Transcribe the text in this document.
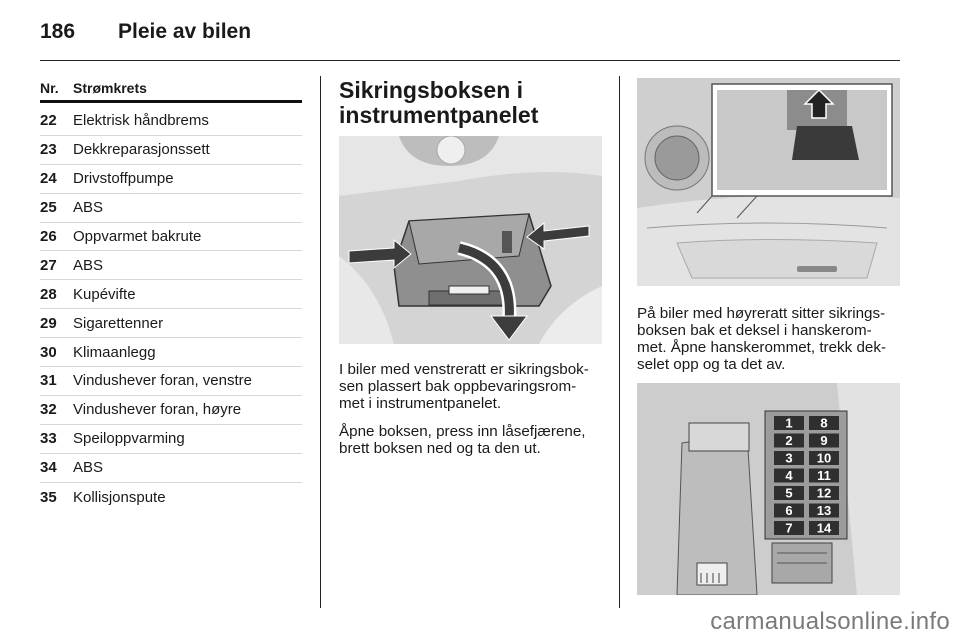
186	Pleie av bilen
Nr.	Strømkrets
22	Elektrisk håndbrems
23	Dekkreparasjonssett
24	Drivstoffpumpe
25	ABS
26	Oppvarmet bakrute
27	ABS
28	Kupévifte
29	Sigarettenner
30	Klimaanlegg
31	Vindushever foran, venstre
32	Vindushever foran, høyre
33	Speiloppvarming
34	ABS
35	Kollisjonspute
Sikringsboksen i
instrumentpanelet

I biler med venstreratt er sikringsbok-
sen plassert bak oppbevaringsrom-
met i instrumentpanelet.

Åpne boksen, press inn låsefjærene,
brett boksen ned og ta den ut.

På biler med høyreratt sitter sikrings-
boksen bak et deksel i hanskerom-
met. Åpne hanskerommet, trekk dek-
selet opp og ta det av.

1 8
2 9
3 10
4 11
5 12
6 13
7 14
carmanualsonline.info
